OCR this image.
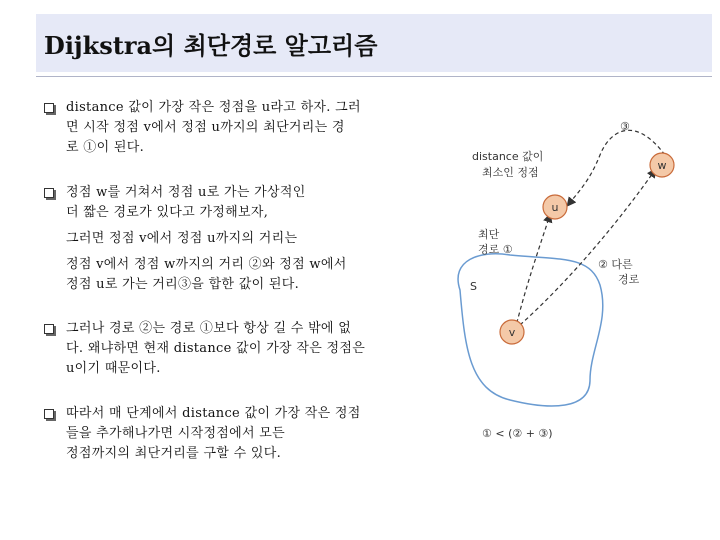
Dijkstra의 최단경로 알고리즘
distance 값이 가장 작은 정점을 u라고 하자. 그러
면 시작 정점 v에서 정점 u까지의 최단거리는 경
로 ①이 된다.
정점 w를 거쳐서 정점 u로 가는 가상적인
더 짧은 경로가 있다고 가정해보자,
그러면 정점 v에서 정점 u까지의 거리는
정점 v에서 정점 w까지의 거리 ②와 정점 w에서
정점 u로 가는 거리③을 합한 값이 된다.
그러나 경로 ②는 경로 ①보다 항상 길 수 밖에 없
다. 왜냐하면 현재 distance 값이 가장 작은 정점은
u이기 때문이다.
따라서 매 단계에서 distance 값이 가장 작은 정점
들을 추가해나가면 시작정점에서 모든
정점까지의 최단거리를 구할 수 있다.
w
u
v
distance 값이
최소인 정점
③
최단
경로 ①
② 다른
경로
S
① < (② + ③)
